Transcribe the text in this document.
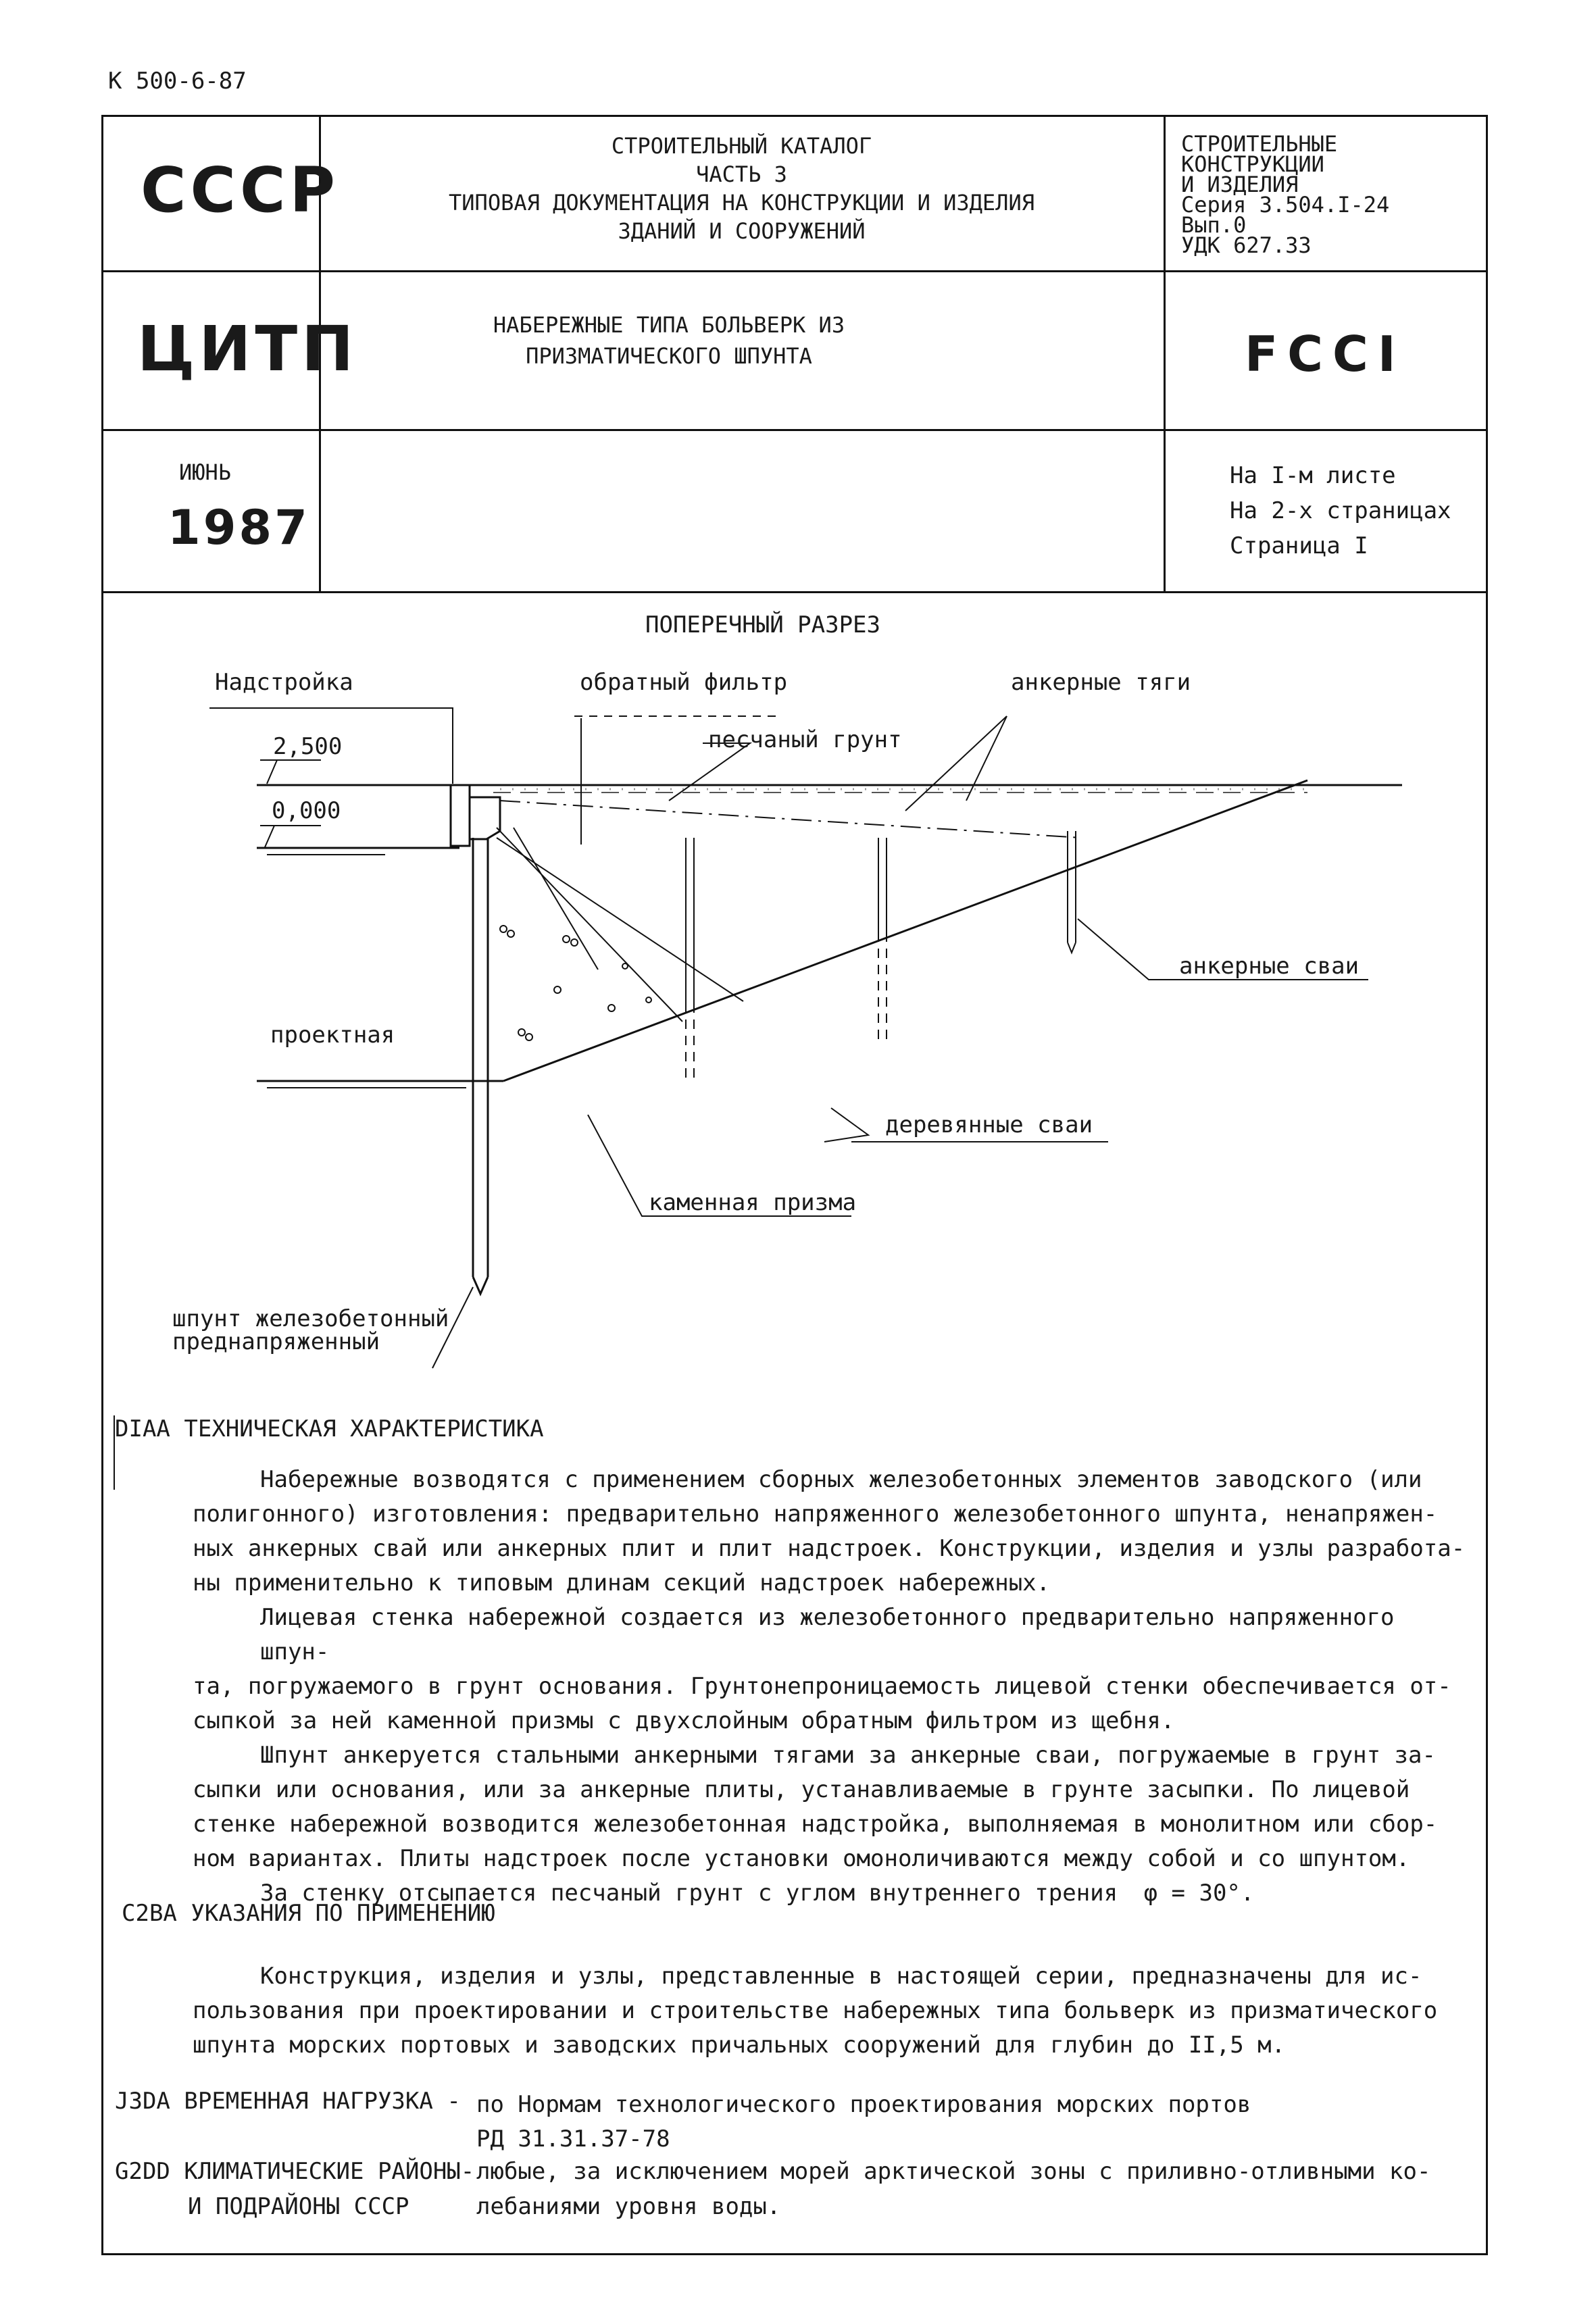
К 500-6-87
СССР
ЦИТП
ИЮНЬ
1987
СТРОИТЕЛЬНЫЙ КАТАЛОГ
ЧАСТЬ 3
ТИПОВАЯ ДОКУМЕНТАЦИЯ НА КОНСТРУКЦИИ И ИЗДЕЛИЯ
ЗДАНИЙ И СООРУЖЕНИЙ
НАБЕРЕЖНЫЕ ТИПА БОЛЬВЕРК ИЗ
ПРИЗМАТИЧЕСКОГО ШПУНТА
СТРОИТЕЛЬНЫЕ
КОНСТРУКЦИИ
И ИЗДЕЛИЯ
Серия 3.504.I-24
Вып.0
УДК 627.33
FCCI
На I-м листе
На 2-х страницах
Страница I
ПОПЕРЕЧНЫЙ РАЗРЕЗ
Надстройка
2,500
0,000
обратный фильтр
песчаный грунт
анкерные тяги
анкерные сваи
проектная
деревянные сваи
каменная призма
шпунт железобетонный
преднапряженный
DIAA ТЕХНИЧЕСКАЯ ХАРАКТЕРИСТИКА
Набережные возводятся с применением сборных железобетонных элементов заводского (или
полигонного) изготовления: предварительно напряженного железобетонного шпунта, ненапряжен-
ных анкерных свай или анкерных плит и плит надстроек. Конструкции, изделия и узлы разработа-
ны применительно к типовым длинам секций надстроек набережных.
Лицевая стенка набережной создается из железобетонного предварительно напряженного шпун-
та, погружаемого в грунт основания. Грунтонепроницаемость лицевой стенки обеспечивается от-
сыпкой за ней каменной призмы с двухслойным обратным фильтром из щебня.
Шпунт анкеруется стальными анкерными тягами за анкерные сваи, погружаемые в грунт за-
сыпки или основания, или за анкерные плиты, устанавливаемые в грунте засыпки. По лицевой
стенке набережной возводится железобетонная надстройка, выполняемая в монолитном или сбор-
ном вариантах. Плиты надстроек после установки омоноличиваются между собой и со шпунтом.
За стенку отсыпается песчаный грунт с углом внутреннего трения φ = 30°.
C2BA УКАЗАНИЯ ПО ПРИМЕНЕНИЮ
Конструкция, изделия и узлы, представленные в настоящей серии, предназначены для ис-
пользования при проектировании и строительстве набережных типа больверк из призматического
шпунта морских портовых и заводских причальных сооружений для глубин до II,5 м.
J3DA ВРЕМЕННАЯ НАГРУЗКА - по Нормам технологического проектирования морских портов
РД 31.31.37-78
G2DD КЛИМАТИЧЕСКИЕ РАЙОНЫ-
И ПОДРАЙОНЫ СССР
любые, за исключением морей арктической зоны с приливно-отливными ко-
лебаниями уровня воды.
